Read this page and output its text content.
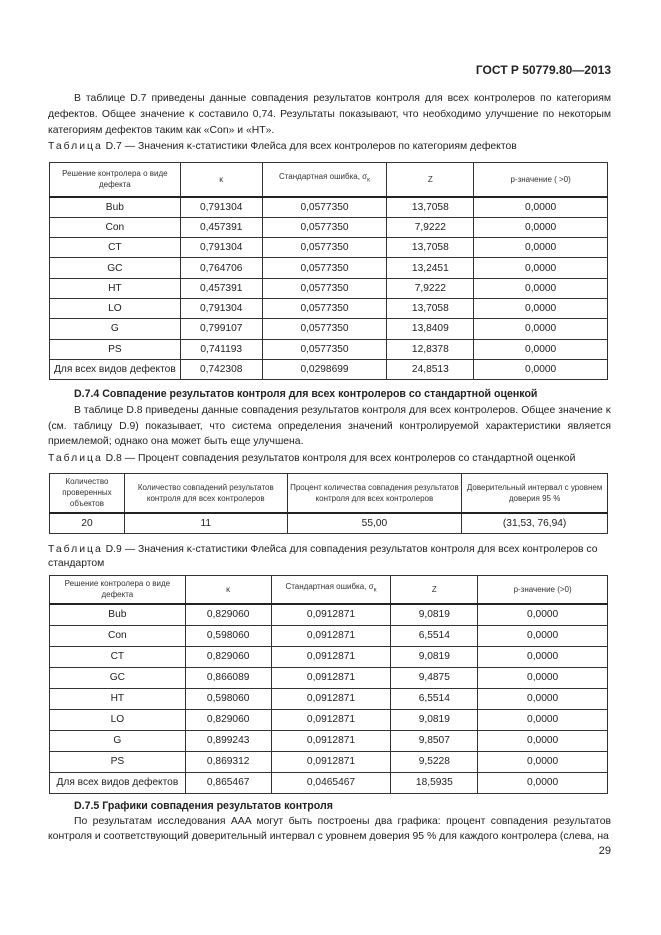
ГОСТ Р 50779.80—2013
В таблице D.7 приведены данные совпадения результатов контроля для всех контролеров по категориям дефектов. Общее значение κ составило 0,74. Результаты показывают, что необходимо улучшение по некоторым категориям дефектов таким как «Con» и «HT».
Таблица D.7 — Значения κ-статистики Флейса для всех контролеров по категориям дефектов
Решение контролера о виде дефекта	κ	Стандартная ошибка, $\sigma_\kappa$	Z	p-значение ( >0)
Bub	0,791304	0,0577350	13,7058	0,0000
Con	0,457391	0,0577350	7,9222	0,0000
CT	0,791304	0,0577350	13,7058	0,0000
GC	0,764706	0,0577350	13,2451	0,0000
HT	0,457391	0,0577350	7,9222	0,0000
LO	0,791304	0,0577350	13,7058	0,0000
G	0,799107	0,0577350	13,8409	0,0000
PS	0,741193	0,0577350	12,8378	0,0000
Для всех видов дефектов	0,742308	0,0298699	24,8513	0,0000
D.7.4 Совпадение результатов контроля для всех контролеров со стандартной оценкой
В таблице D.8 приведены данные совпадения результатов контроля для всех контролеров. Общее значение κ (см. таблицу D.9) показывает, что система определения значений контролируемой характеристики является приемлемой; однако она может быть еще улучшена.
Таблица D.8 — Процент совпадения результатов контроля для всех контролеров со стандартной оценкой
Количество проверенных объектов	Количество совпадений результатов контроля для всех контролеров	Процент количества совпадения результатов контроля для всех контролеров	Доверительный интервал с уровнем доверия 95 %
20	11	55,00	(31,53, 76,94)
Таблица D.9 — Значения κ-статистики Флейса для совпадения результатов контроля для всех контролеров со стандартом
Решение контролера о виде дефекта	κ	Стандартная ошибка, $\sigma_\kappa$	Z	p-значение (>0)
Bub	0,829060	0,0912871	9,0819	0,0000
Con	0,598060	0,0912871	6,5514	0,0000
CT	0,829060	0,0912871	9,0819	0,0000
GC	0,866089	0,0912871	9,4875	0,0000
HT	0,598060	0,0912871	6,5514	0,0000
LO	0,829060	0,0912871	9,0819	0,0000
G	0,899243	0,0912871	9,8507	0,0000
PS	0,869312	0,0912871	9,5228	0,0000
Для всех видов дефектов	0,865467	0,0465467	18,5935	0,0000
D.7.5 Графики совпадения результатов контроля
По результатам исследования AAA могут быть построены два графика: процент совпадения результатов контроля и соответствующий доверительный интервал с уровнем доверия 95 % для каждого контролера (слева, на
29
